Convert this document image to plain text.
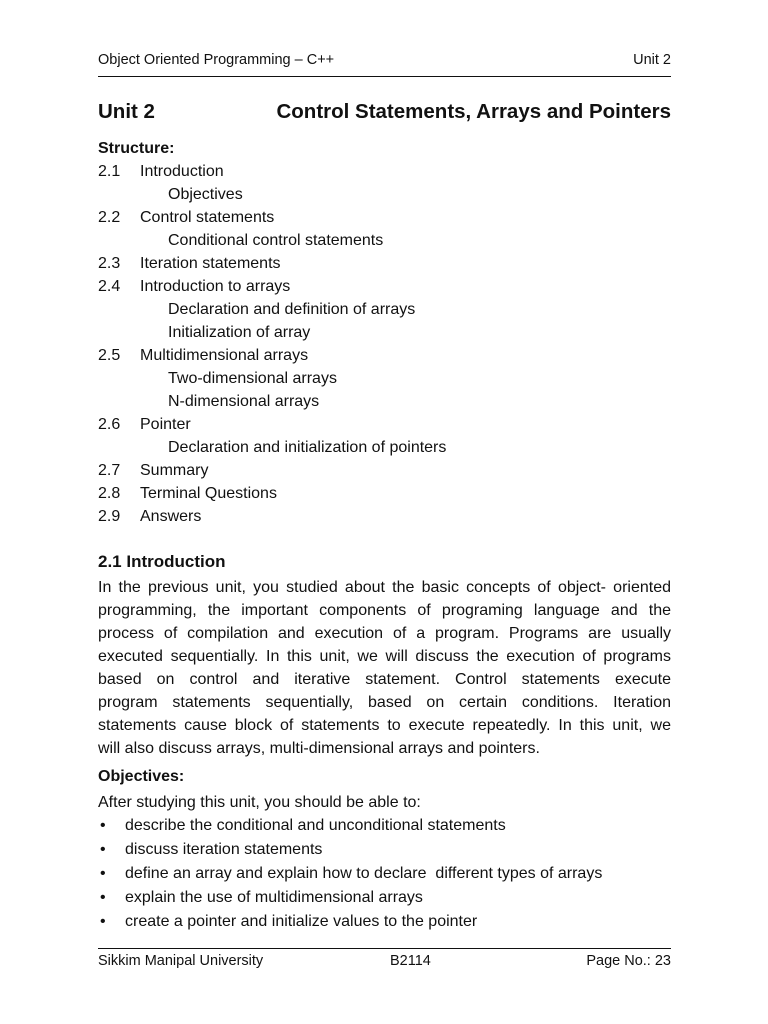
Object Oriented Programming – C++	Unit 2
Unit 2	Control Statements, Arrays and Pointers
Structure:
2.1 Introduction
Objectives
2.2 Control statements
Conditional control statements
2.3 Iteration statements
2.4 Introduction to arrays
Declaration and definition of arrays
Initialization of array
2.5 Multidimensional arrays
Two-dimensional arrays
N-dimensional arrays
2.6 Pointer
Declaration and initialization of pointers
2.7 Summary
2.8 Terminal Questions
2.9 Answers
2.1 Introduction
In the previous unit, you studied about the basic concepts of object- oriented
programming, the important components of programing language and the
process of compilation and execution of a program. Programs are usually
executed sequentially. In this unit, we will discuss the execution of programs
based on control and iterative statement. Control statements execute
program statements sequentially, based on certain conditions. Iteration
statements cause block of statements to execute repeatedly. In this unit, we
will also discuss arrays, multi-dimensional arrays and pointers.
Objectives:
After studying this unit, you should be able to:
• describe the conditional and unconditional statements
• discuss iteration statements
• define an array and explain how to declare  different types of arrays
• explain the use of multidimensional arrays
• create a pointer and initialize values to the pointer
Sikkim Manipal University	B2114	Page No.: 23
